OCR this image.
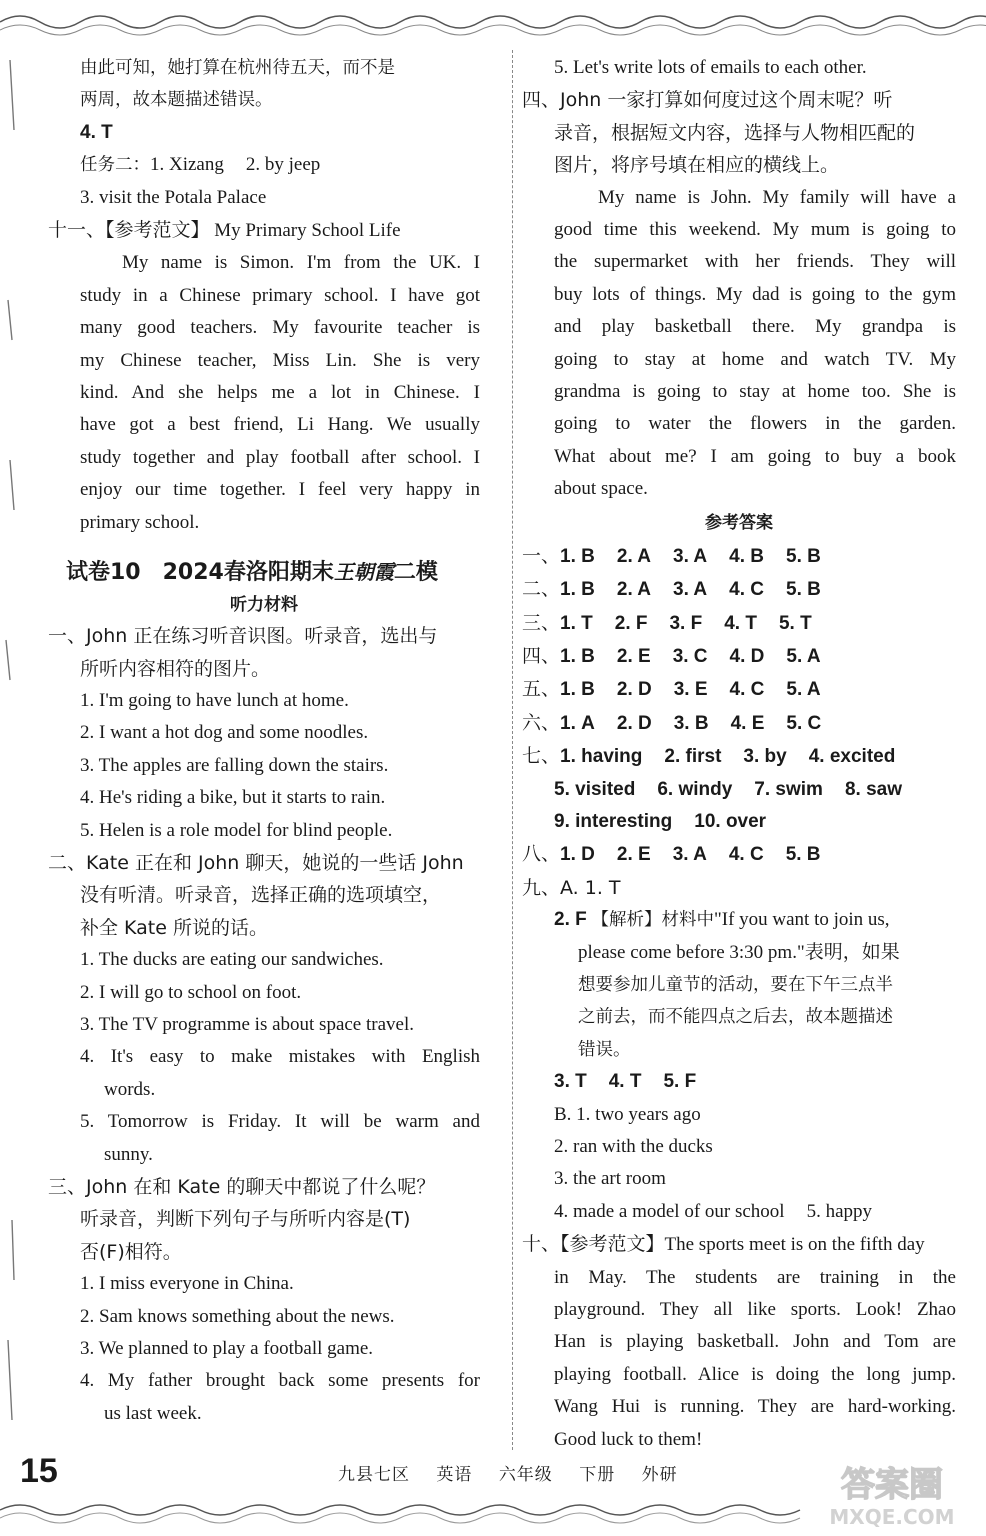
由此可知，她打算在杭州待五天，而不是
两周，故本题描述错误。
4. T
任务二：1. Xizang 2. by jeep
3. visit the Potala Palace
十一、【参考范文】 My Primary School Life
My name is Simon. I'm from the UK. I
study in a Chinese primary school. I have got
many good teachers. My favourite teacher is
my Chinese teacher, Miss Lin. She is very
kind. And she helps me a lot in Chinese. I
have got a best friend, Li Hang. We usually
study together and play football after school. I
enjoy our time together. I feel very happy in
primary school.
试卷10　2024春洛阳期末王朝霞二模
听力材料
一、John 正在练习听音识图。听录音，选出与
所听内容相符的图片。
1. I'm going to have lunch at home.
2. I want a hot dog and some noodles.
3. The apples are falling down the stairs.
4. He's riding a bike, but it starts to rain.
5. Helen is a role model for blind people.
二、Kate 正在和 John 聊天，她说的一些话 John
没有听清。听录音，选择正确的选项填空，
补全 Kate 所说的话。
1. The ducks are eating our sandwiches.
2. I will go to school on foot.
3. The TV programme is about space travel.
4. It's easy to make mistakes with English
words.
5. Tomorrow is Friday. It will be warm and
sunny.
三、John 在和 Kate 的聊天中都说了什么呢？
听录音，判断下列句子与所听内容是(T)
否(F)相符。
1. I miss everyone in China.
2. Sam knows something about the news.
3. We planned to play a football game.
4. My father brought back some presents for
us last week.
5. Let's write lots of emails to each other.
四、John 一家打算如何度过这个周末呢？听
录音，根据短文内容，选择与人物相匹配的
图片，将序号填在相应的横线上。
My name is John. My family will have a
good time this weekend. My mum is going to
the supermarket with her friends. They will
buy lots of things. My dad is going to the gym
and play basketball there. My grandpa is
going to stay at home and watch TV. My
grandma is going to stay at home too. She is
going to water the flowers in the garden.
What about me? I am going to buy a book
about space.
参考答案
一、1. B 2. A 3. A 4. B 5. B
二、1. B 2. A 3. A 4. C 5. B
三、1. T 2. F 3. F 4. T 5. T
四、1. B 2. E 3. C 4. D 5. A
五、1. B 2. D 3. E 4. C 5. A
六、1. A 2. D 3. B 4. E 5. C
七、1. having 2. first 3. by 4. excited
5. visited 6. windy 7. swim 8. saw
9. interesting 10. over
八、1. D 2. E 3. A 4. C 5. B
九、A. 1. T
2. F 【解析】材料中"If you want to join us,
please come before 3:30 pm."表明，如果
想要参加儿童节的活动，要在下午三点半
之前去，而不能四点之后去，故本题描述
错误。
3. T 4. T 5. F
B. 1. two years ago
2. ran with the ducks
3. the art room
4. made a model of our school 5. happy
十、【参考范文】The sports meet is on the fifth day
in May. The students are training in the
playground. They all like sports. Look! Zhao
Han is playing basketball. John and Tom are
playing football. Alice is doing the long jump.
Wang Hui is running. They are hard-working.
Good luck to them!
15	九县七区 英语 六年级 下册 外研	答案圈
MXQE.COM
